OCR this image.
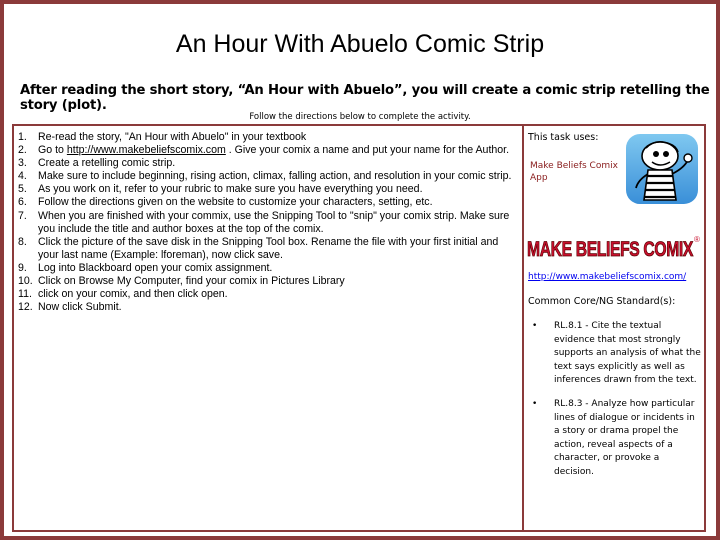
An Hour With Abuelo Comic Strip
After reading the short story, “An Hour with Abuelo”, you will create a comic strip retelling the story (plot).
Follow the directions below to complete the activity.
1. Re-read the story, "An Hour with Abuelo" in your textbook
2. Go to http://www.makebeliefscomix.com . Give your comix a name and put your name for the Author.
3. Create a retelling comic strip.
4. Make sure to include beginning, rising action, climax, falling action, and resolution in your comic strip.
5. As you work on it, refer to your rubric to make sure you have everything you need.
6. Follow the directions given on the website to customize your characters, setting, etc.
7. When you are finished with your commix, use the Snipping Tool to "snip" your comix strip. Make sure you include the title and author boxes at the top of the comix.
8. Click the picture of the save disk in the Snipping Tool box. Rename the file with your first initial and your last name (Example: lforeman), now click save.
9. Log into Blackboard open your comix assignment.
10. Click on Browse My Computer, find your comix in Pictures Library
11. click on your comix, and then click open.
12. Now click Submit.
This task uses:
Make Beliefs Comix
App
MAKE BELIEFS COMIX ®
http://www.makebeliefscomix.com/
Common Core/NG Standard(s):
•	RL.8.1 - Cite the textual evidence that most strongly supports an analysis of what the text says explicitly as well as inferences drawn from the text.
•	RL.8.3 - Analyze how particular lines of dialogue or incidents in a story or drama propel the action, reveal aspects of a character, or provoke a decision.
